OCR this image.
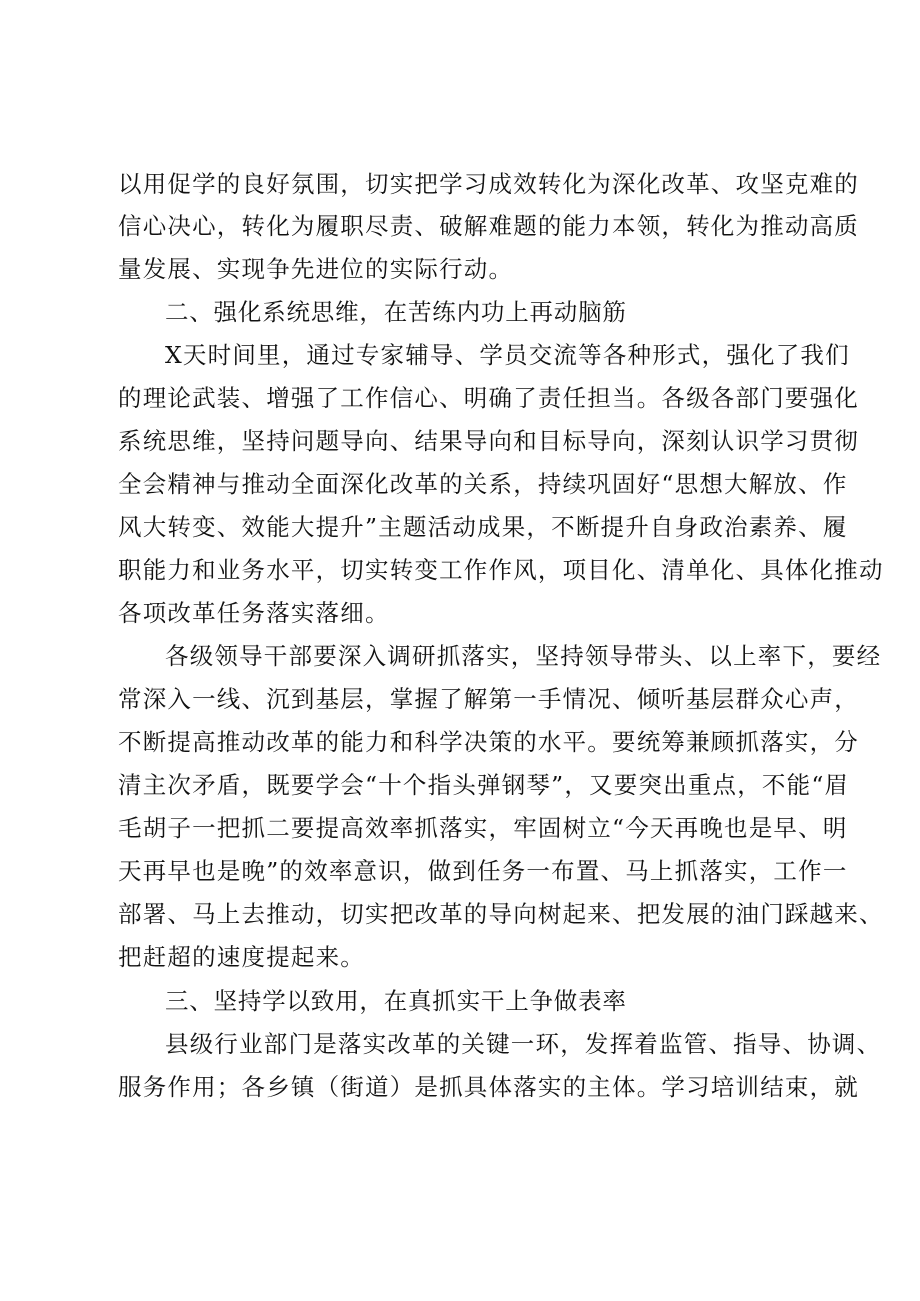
以用促学的良好氛围，切实把学习成效转化为深化改革、攻坚克难的
信心决心，转化为履职尽责、破解难题的能力本领，转化为推动高质
量发展、实现争先进位的实际行动。
二、强化系统思维，在苦练内功上再动脑筋
X天时间里，通过专家辅导、学员交流等各种形式，强化了我们
的理论武装、增强了工作信心、明确了责任担当。各级各部门要强化
系统思维，坚持问题导向、结果导向和目标导向，深刻认识学习贯彻
全会精神与推动全面深化改革的关系，持续巩固好“思想大解放、作
风大转变、效能大提升”主题活动成果，不断提升自身政治素养、履
职能力和业务水平，切实转变工作作风，项目化、清单化、具体化推动
各项改革任务落实落细。
各级领导干部要深入调研抓落实，坚持领导带头、以上率下，要经
常深入一线、沉到基层，掌握了解第一手情况、倾听基层群众心声，
不断提高推动改革的能力和科学决策的水平。要统筹兼顾抓落实，分
清主次矛盾，既要学会“十个指头弹钢琴”，又要突出重点，不能“眉
毛胡子一把抓二要提高效率抓落实，牢固树立“今天再晚也是早、明
天再早也是晚”的效率意识，做到任务一布置、马上抓落实，工作一
部署、马上去推动，切实把改革的导向树起来、把发展的油门踩越来、
把赶超的速度提起来。
三、坚持学以致用，在真抓实干上争做表率
县级行业部门是落实改革的关键一环，发挥着监管、指导、协调、
服务作用；各乡镇（街道）是抓具体落实的主体。学习培训结束，就
